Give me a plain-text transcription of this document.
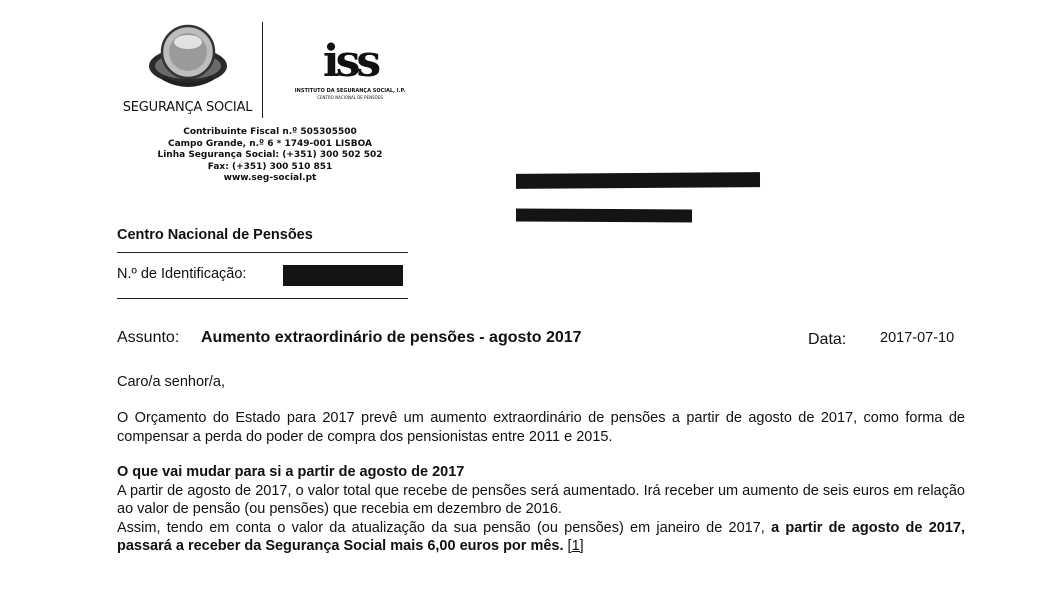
SEGURANÇA SOCIAL
iss
INSTITUTO DA SEGURANÇA SOCIAL, I.P.
CENTRO NACIONAL DE PENSÕES
Contribuinte Fiscal n.º 505305500
Campo Grande, n.º 6 * 1749-001 LISBOA
Linha Segurança Social: (+351) 300 502 502
Fax: (+351) 300 510 851
www.seg-social.pt
Centro Nacional de Pensões
N.º de Identificação:
Assunto: Aumento extraordinário de pensões - agosto 2017	Data: 2017-07-10
Caro/a senhor/a,

O Orçamento do Estado para 2017 prevê um aumento extraordinário de pensões a partir de agosto de 2017, como forma de compensar a perda do poder de compra dos pensionistas entre 2011 e 2015.

O que vai mudar para si a partir de agosto de 2017

A partir de agosto de 2017, o valor total que recebe de pensões será aumentado. Irá receber um aumento de seis euros em relação ao valor de pensão (ou pensões) que recebia em dezembro de 2016.

Assim, tendo em conta o valor da atualização da sua pensão (ou pensões) em janeiro de 2017, a partir de agosto de 2017, passará a receber da Segurança Social mais 6,00 euros por mês. [1]
